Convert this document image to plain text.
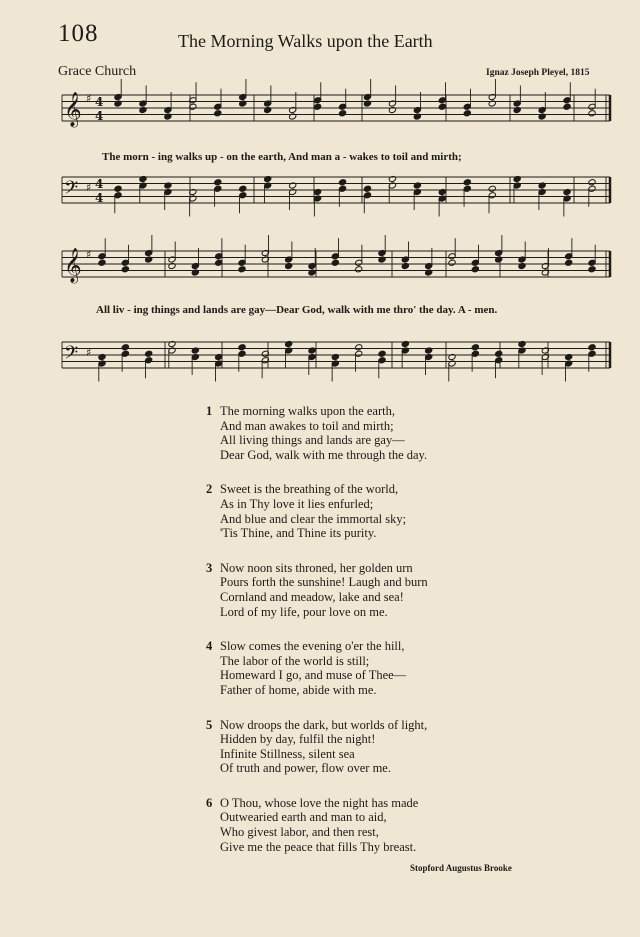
108	The Morning Walks upon the Earth
Grace Church	Ignaz Joseph Pleyel, 1815
𝄞 ♯ 4
4
𝄢 ♯ 4
4
𝄞 ♯
𝄢 ♯
The morn - ing walks up - on the earth, And man a - wakes to toil and mirth;
All liv - ing things and lands are gay—Dear God, walk with me thro' the day. A - men.
1 The morning walks upon the earth,
And man awakes to toil and mirth;
All living things and lands are gay—
Dear God, walk with me through the day.
2 Sweet is the breathing of the world,
As in Thy love it lies enfurled;
And blue and clear the immortal sky;
'Tis Thine, and Thine its purity.
3 Now noon sits throned, her golden urn
Pours forth the sunshine! Laugh and burn
Cornland and meadow, lake and sea!
Lord of my life, pour love on me.
4 Slow comes the evening o'er the hill,
The labor of the world is still;
Homeward I go, and muse of Thee—
Father of home, abide with me.
5 Now droops the dark, but worlds of light,
Hidden by day, fulfil the night!
Infinite Stillness, silent sea
Of truth and power, flow over me.
6 O Thou, whose love the night has made
Outwearied earth and man to aid,
Who givest labor, and then rest,
Give me the peace that fills Thy breast.
Stopford Augustus Brooke
